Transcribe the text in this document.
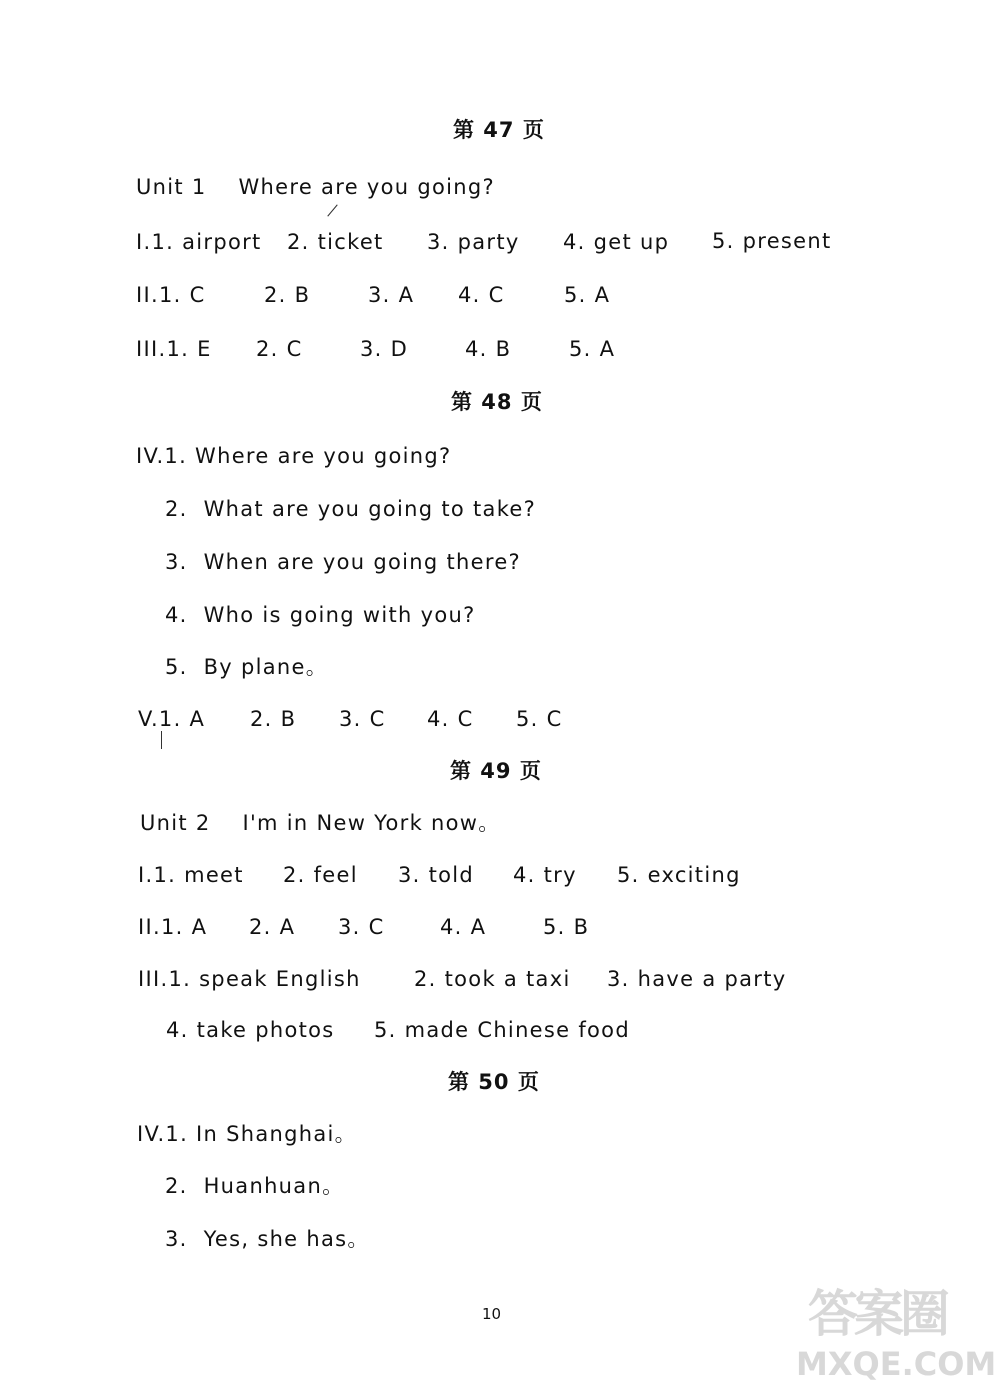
第 47 页
第 48 页
第 49 页
第 50 页
Unit 1    Where are you going?
I.1. airport 2. ticket 3. party 4. get up 5. present
II.1. C	2. B	3. A 4. C	5. A
III.1. E 2. C	3. D	4. B	5. A
IV.1. Where are you going?
2.  What are you going to take?
3.  When are you going there?
4.  Who is going with you?
5.  By plane。
V.1. A 2. B 3. C 4. C 5. C
Unit 2    I'm in New York now。
I.1. meet 2. feel 3. told 4. try 5. exciting
II.1. A 2. A 3. C	4. A	5. B
III.1. speak English	2. took a taxi 3. have a party
4. take photos 5. made Chinese food
IV.1. In Shanghai。
2.  Huanhuan。
3.  Yes, she has。
10	答案圈
MXQE.COM
